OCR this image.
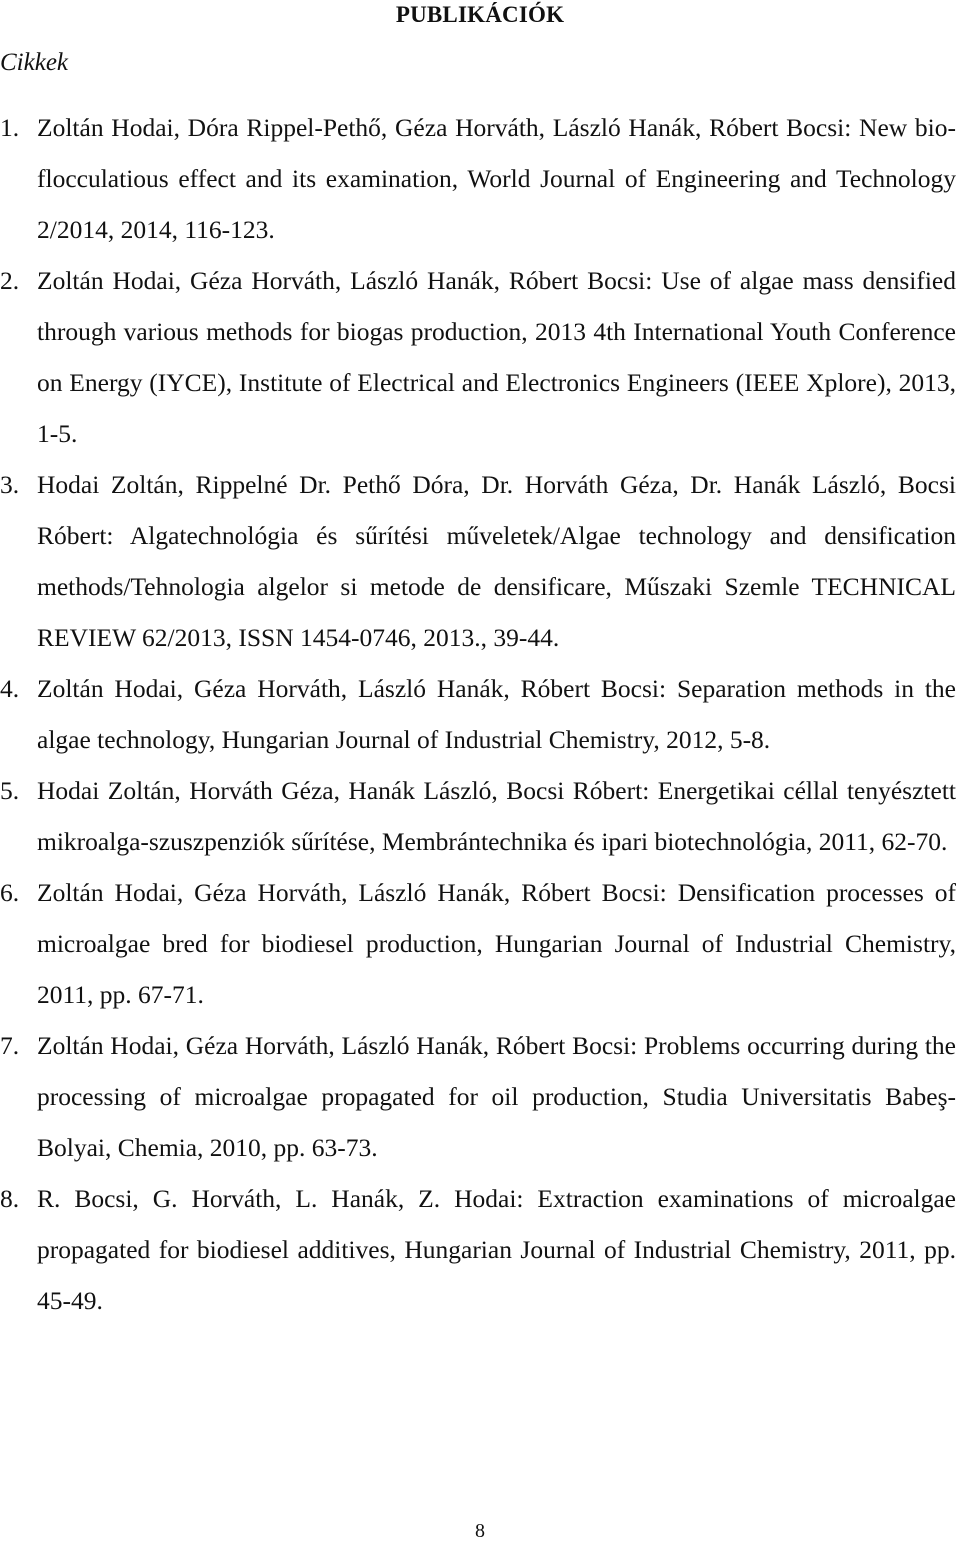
PUBLIKÁCIÓK
Cikkek

1. Zoltán Hodai, Dóra Rippel-Pethő, Géza Horváth, László Hanák, Róbert Bocsi: New bio-flocculatious effect and its examination, World Journal of Engineering and Technology 2/2014, 2014, 116-123.

2. Zoltán Hodai, Géza Horváth, László Hanák, Róbert Bocsi: Use of algae mass densified through various methods for biogas production, 2013 4th International Youth Conference on Energy (IYCE), Institute of Electrical and Electronics Engineers (IEEE Xplore), 2013, 1-5.

3. Hodai Zoltán, Rippelné Dr. Pethő Dóra, Dr. Horváth Géza, Dr. Hanák László, Bocsi Róbert: Algatechnológia és sűrítési műveletek/Algae technology and densification methods/Tehnologia algelor si metode de densificare, Műszaki Szemle TECHNICAL REVIEW 62/2013, ISSN 1454-0746, 2013., 39-44.

4. Zoltán Hodai, Géza Horváth, László Hanák, Róbert Bocsi: Separation methods in the algae technology, Hungarian Journal of Industrial Chemistry, 2012, 5-8.

5. Hodai Zoltán, Horváth Géza, Hanák László, Bocsi Róbert: Energetikai céllal tenyésztett mikroalga-szuszpenziók sűrítése, Membrántechnika és ipari biotechnológia, 2011, 62-70.

6. Zoltán Hodai, Géza Horváth, László Hanák, Róbert Bocsi: Densification processes of microalgae bred for biodiesel production, Hungarian Journal of Industrial Chemistry, 2011, pp. 67-71.

7. Zoltán Hodai, Géza Horváth, László Hanák, Róbert Bocsi: Problems occurring during the processing of microalgae propagated for oil production, Studia Universitatis Babeş-Bolyai, Chemia, 2010, pp. 63-73.

8. R. Bocsi, G. Horváth, L. Hanák, Z. Hodai: Extraction examinations of microalgae propagated for biodiesel additives, Hungarian Journal of Industrial Chemistry, 2011, pp. 45-49.

8
